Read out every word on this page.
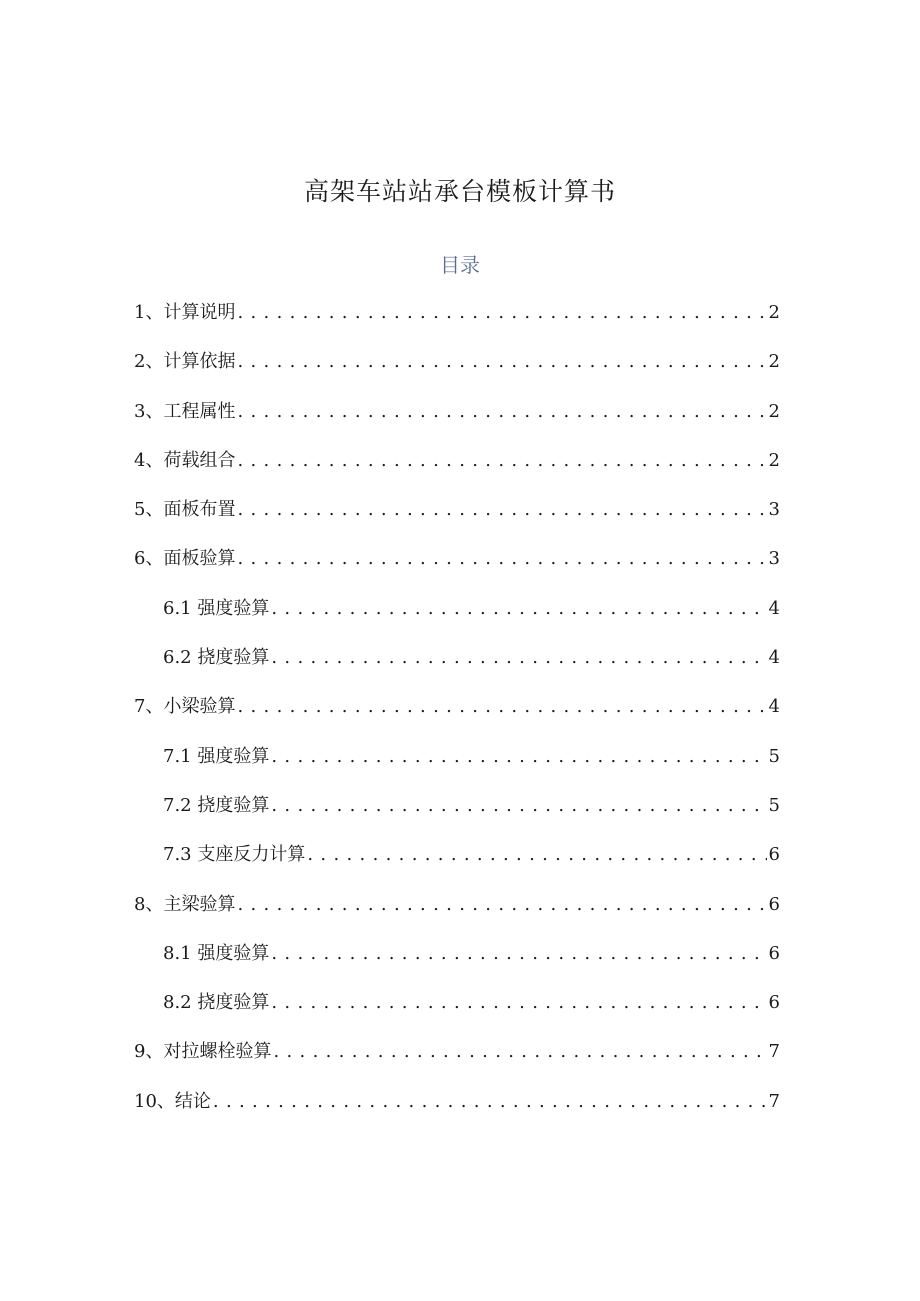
高架车站站承台模板计算书
目录
1、计算说明 . . .	2
2、计算依据 . . .	2
3、工程属性 . . .	2
4、荷载组合 . . .	2
5、面板布置 . . .	3
6、面板验算 . . .	3
6.1 强度验算 . . .	4
6.2 挠度验算 . . .	4
7、小梁验算 . . .	4
7.1 强度验算 . . .	5
7.2 挠度验算 . . .	5
7.3 支座反力计算 . . .	6
8、主梁验算 . . .	6
8.1 强度验算 . . .	6
8.2 挠度验算 . . .	6
9、对拉螺栓验算 . . .	7
10、结论 . . .	7
